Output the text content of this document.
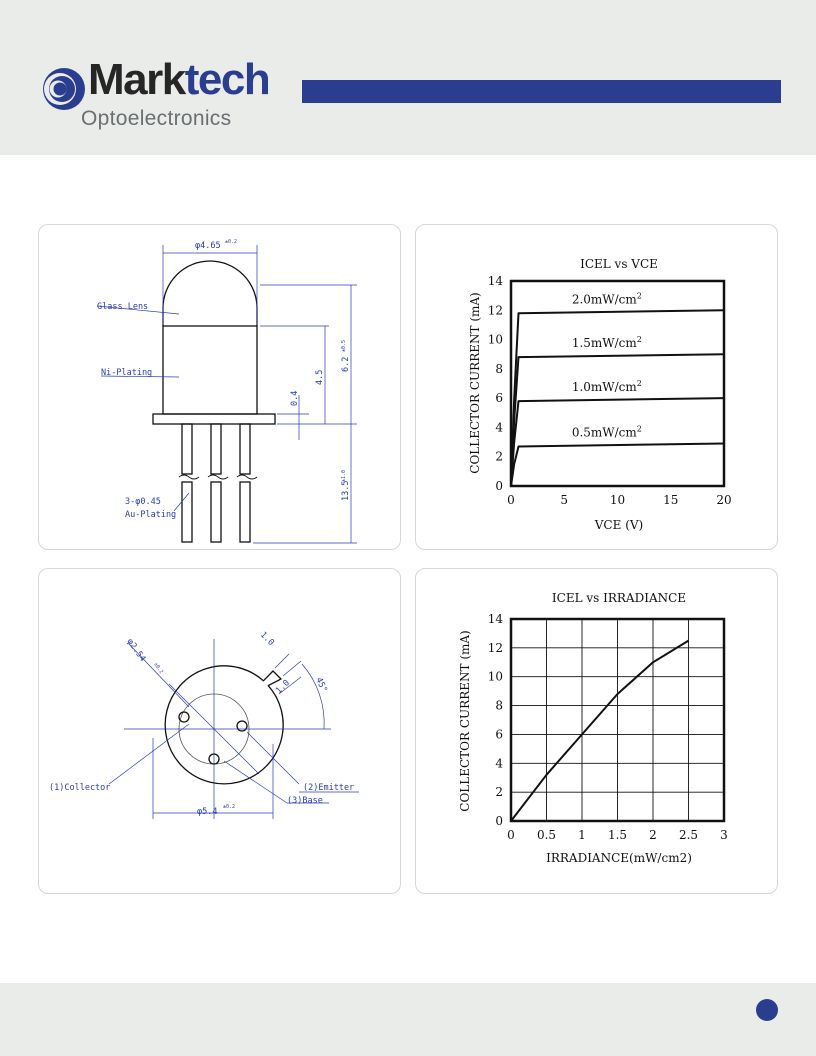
Marktech
Optoelectronics
φ4.65 ±0.2
Glass Lens
Ni-Plating
0.4
4.5
6.2
±0.5
13.5
±1.0
3-φ0.45
Au-Plating
$2.0mW/cm^2$
$1.5mW/cm^2$
$1.0mW/cm^2$
$0.5mW/cm^2$
0	5	10	15	20
0
2
4
6
8
10
12
14
ICEL vs VCE
VCE (V)
COLLECTOR CURRENT (mA)
φ2.54
±0.2
1.0
1.0	45°
(1)Collector	(2)Emitter
(3)Base
φ5.4 ±0.2
0 0.5 1 1.5 2 2.5 3
0
2
4
6
8
10
12
14
ICEL vs IRRADIANCE
IRRADIANCE(mW/cm2)
COLLECTOR CURRENT (mA)
